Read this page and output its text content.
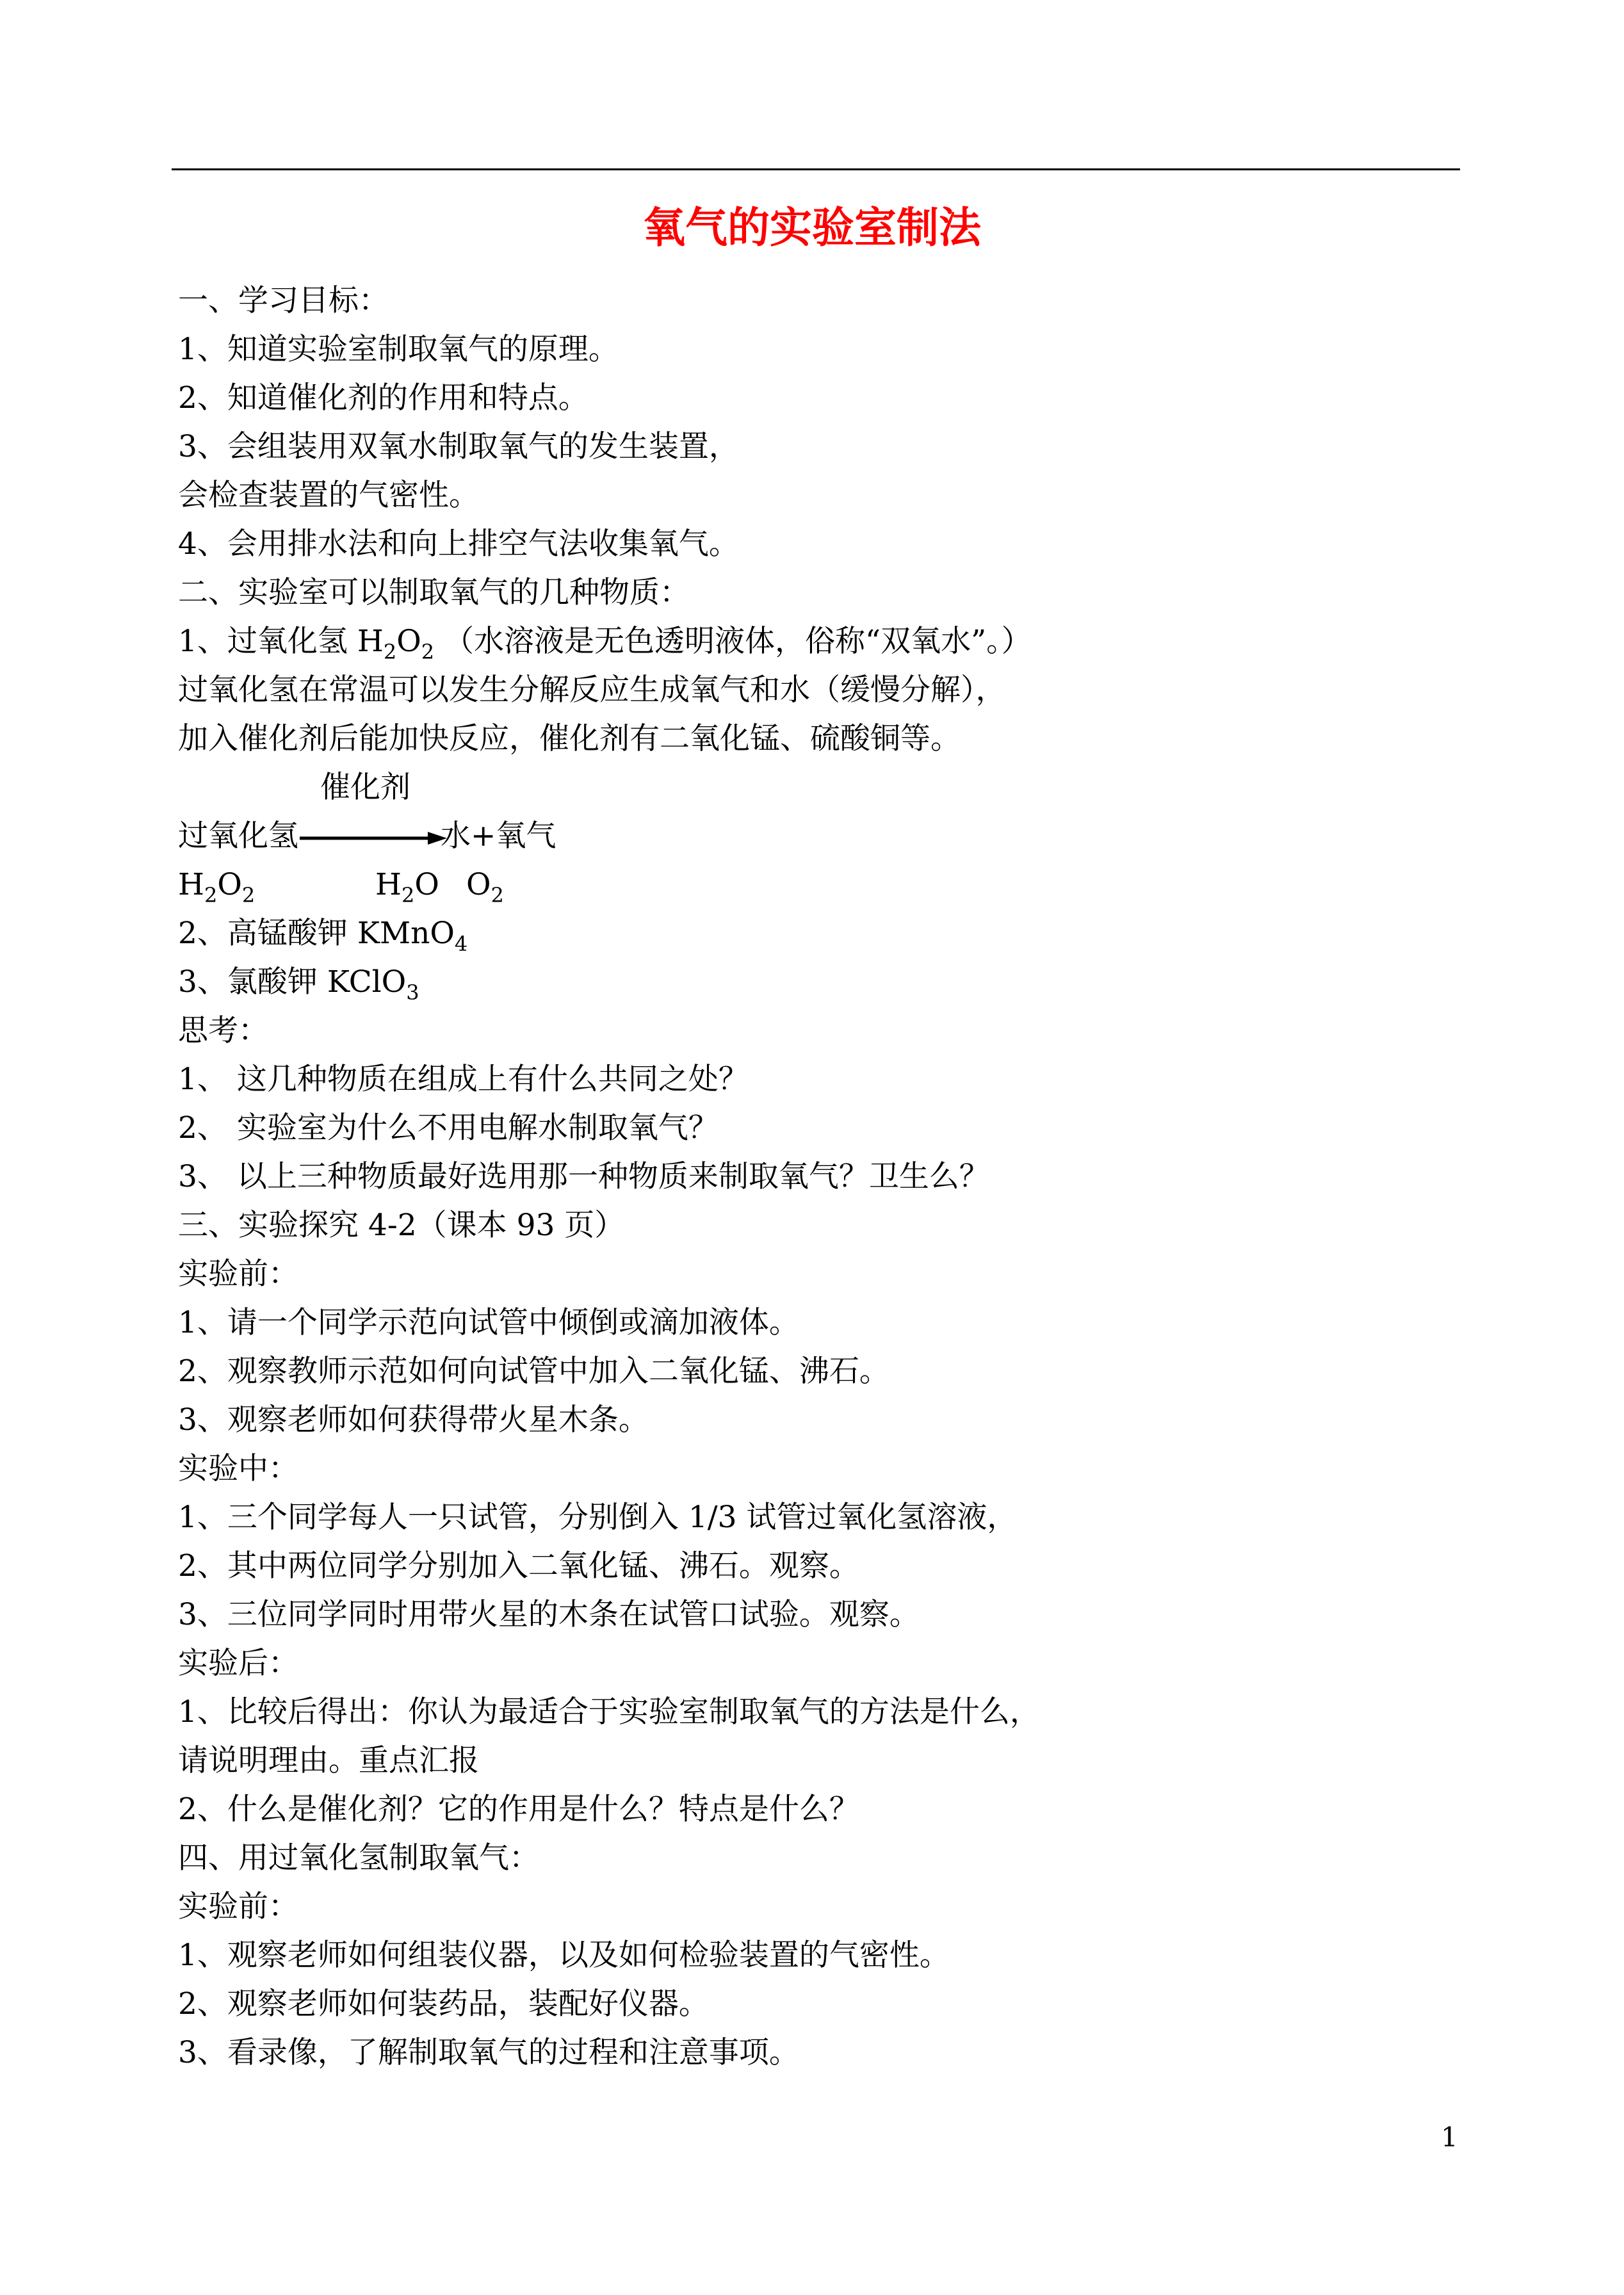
氧气的实验室制法
一、学习目标：
1、知道实验室制取氧气的原理。
2、知道催化剂的作用和特点。
3、会组装用双氧水制取氧气的发生装置，
会检查装置的气密性。
4、会用排水法和向上排空气法收集氧气。
二、实验室可以制取氧气的几种物质：
1、过氧化氢 $H_2O_2$ （水溶液是无色透明液体，俗称“双氧水”。）
过氧化氢在常温可以发生分解反应生成氧气和水（缓慢分解），
加入催化剂后能加快反应，催化剂有二氧化锰、硫酸铜等。
催化剂
过氧化氢	水+氧气
$H_2O_2$	$H_2O$ $O_2$
2、高锰酸钾 KMnO$_4$
3、氯酸钾 KClO$_3$
思考：
1、 这几种物质在组成上有什么共同之处？
2、 实验室为什么不用电解水制取氧气？
3、 以上三种物质最好选用那一种物质来制取氧气？卫生么？
三、实验探究 4-2（课本 93 页）
实验前：
1、请一个同学示范向试管中倾倒或滴加液体。
2、观察教师示范如何向试管中加入二氧化锰、沸石。
3、观察老师如何获得带火星木条。
实验中：
1、三个同学每人一只试管，分别倒入 1/3 试管过氧化氢溶液，
2、其中两位同学分别加入二氧化锰、沸石。观察。
3、三位同学同时用带火星的木条在试管口试验。观察。
实验后：
1、比较后得出：你认为最适合于实验室制取氧气的方法是什么，
请说明理由。重点汇报
2、什么是催化剂？它的作用是什么？特点是什么？
四、用过氧化氢制取氧气：
实验前：
1、观察老师如何组装仪器，以及如何检验装置的气密性。
2、观察老师如何装药品，装配好仪器。
3、看录像，了解制取氧气的过程和注意事项。
1
